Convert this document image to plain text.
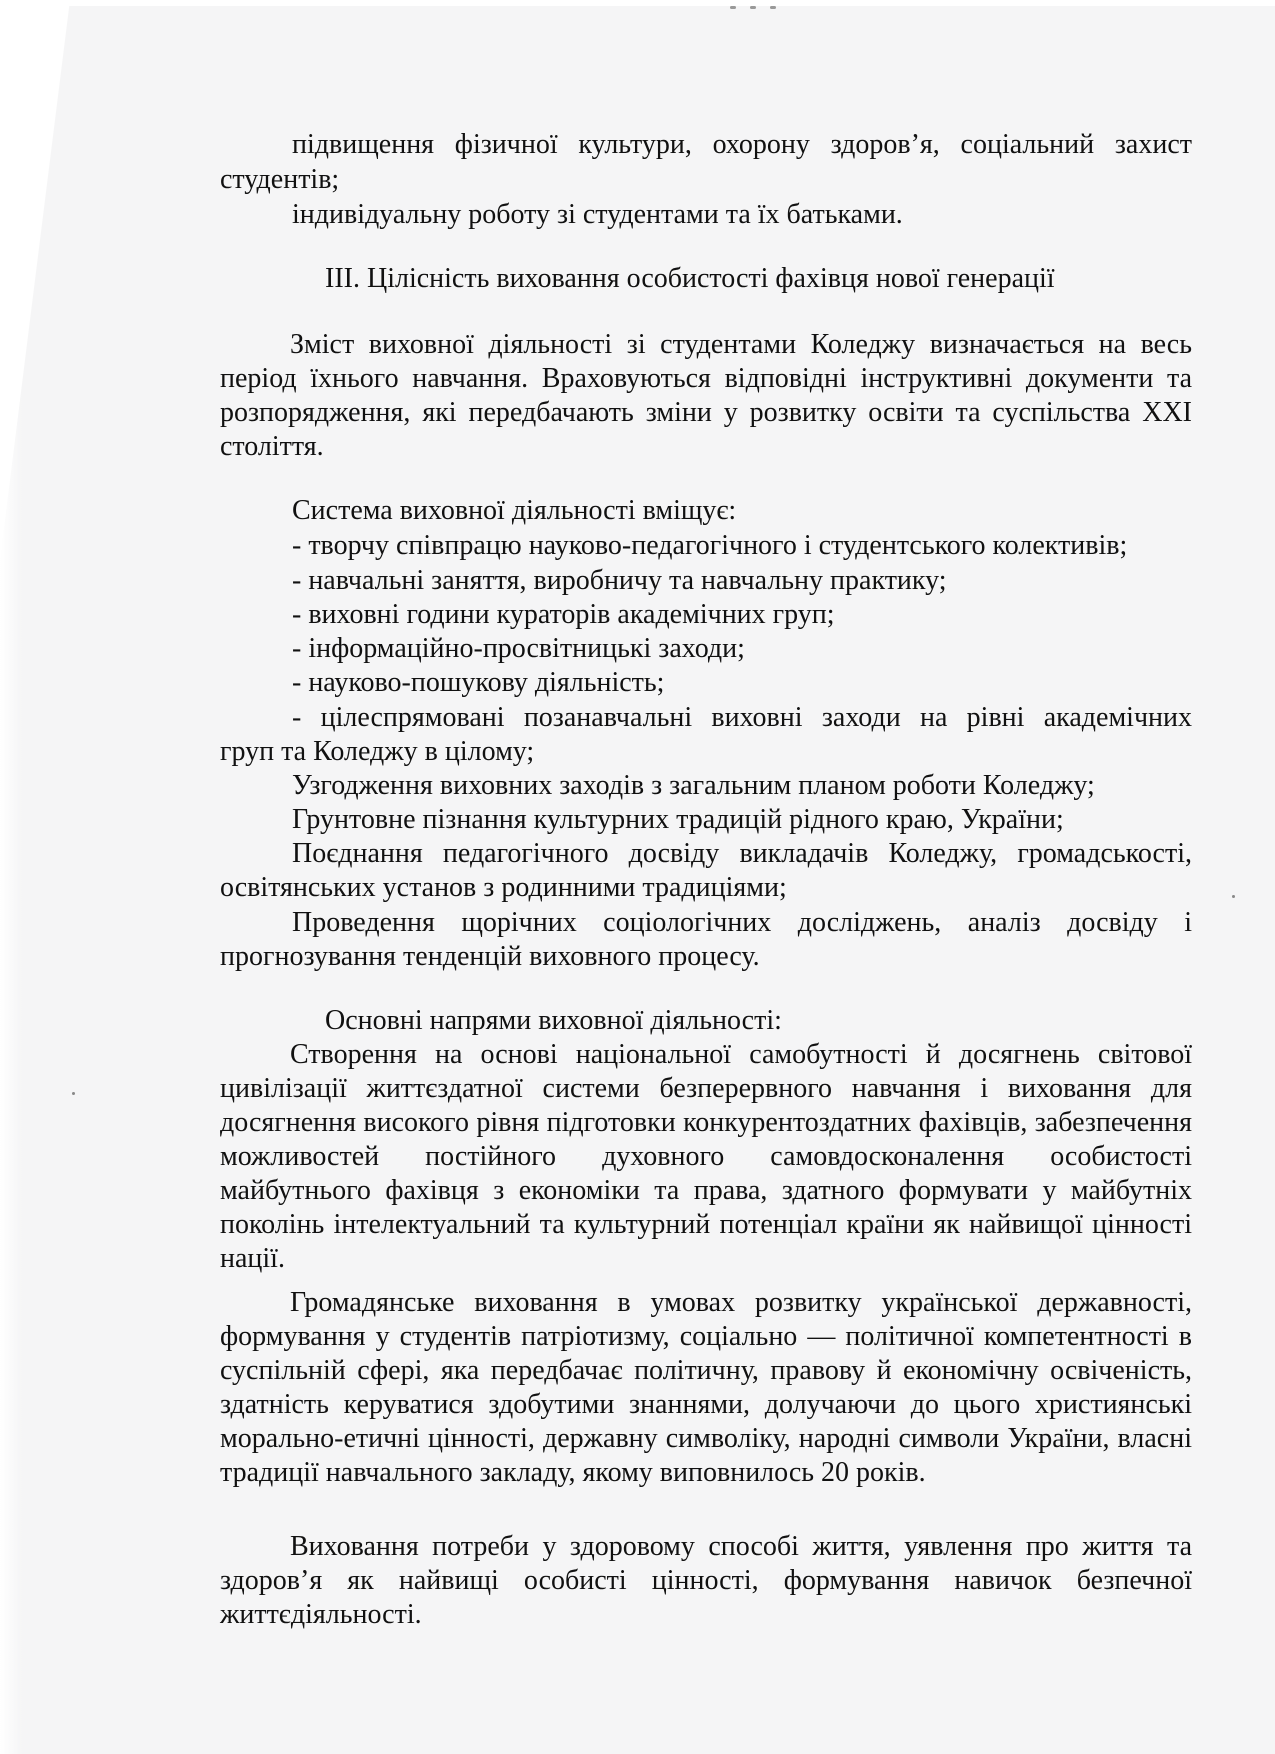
підвищення фізичної культури, охорону здоров’я, соціальний захист

студентів;

індивідуальну роботу зі студентами та їх батьками.

ІІІ. Цілісність виховання особистості фахівця нової генерації

Зміст виховної діяльності зі студентами Коледжу визначається на весь період їхнього навчання. Враховуються відповідні інструктивні документи та розпорядження, які передбачають зміни у розвитку освіти та суспільства ХХІ століття.

Система виховної діяльності вміщує:

- творчу співпрацю науково-педагогічного і студентського колективів;

- навчальні заняття, виробничу та навчальну практику;

- виховні години кураторів академічних груп;

- інформаційно-просвітницькі заходи;

- науково-пошукову діяльність;

- цілеспрямовані позанавчальні виховні заходи на рівні академічних

груп та Коледжу в цілому;

Узгодження виховних заходів з загальним планом роботи Коледжу;

Грунтовне пізнання культурних традицій рідного краю, України;

Поєднання педагогічного досвіду викладачів Коледжу, громадськості,

освітянських установ з родинними традиціями;

Проведення щорічних соціологічних досліджень, аналіз досвіду і

прогнозування тенденцій виховного процесу.

Основні напрями виховної діяльності:

Створення на основі національної самобутності й досягнень світової цивілізації життєздатної системи безперервного навчання і виховання для досягнення високого рівня підготовки конкурентоздатних фахівців, забезпечення можливостей постійного духовного самовдосконалення особистості майбутнього фахівця з економіки та права, здатного формувати у майбутніх поколінь інтелектуальний та культурний потенціал країни як найвищої цінності нації.

Громадянське виховання в умовах розвитку української державності, формування у студентів патріотизму, соціально — політичної компетентності в суспільній сфері, яка передбачає політичну, правову й економічну освіченість, здатність керуватися здобутими знаннями, долучаючи до цього християнські морально-етичні цінності, державну символіку, народні символи України, власні традиції навчального закладу, якому виповнилось 20 років.

Виховання потреби у здоровому способі життя, уявлення про життя та здоров’я як найвищі особисті цінності, формування навичок безпечної життєдіяльності.
